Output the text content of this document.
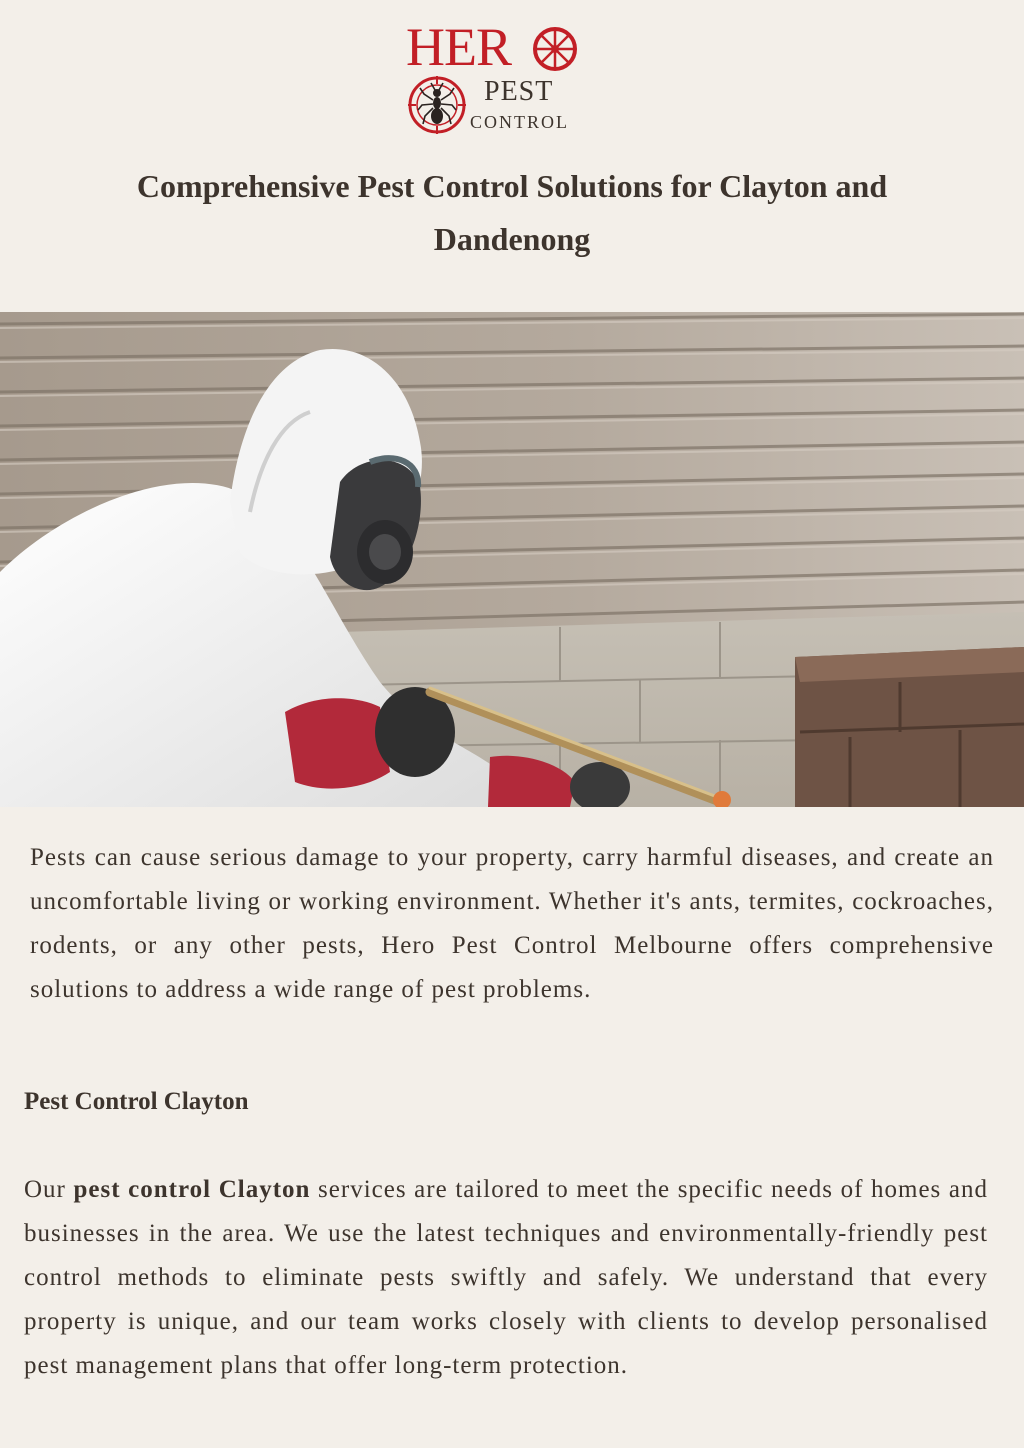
HER
PEST
CONTROL
Comprehensive Pest Control Solutions for Clayton and Dandenong

Pests can cause serious damage to your property, carry harmful diseases, and create an uncomfortable living or working environment. Whether it's ants, termites, cockroaches, rodents, or any other pests, Hero Pest Control Melbourne offers comprehensive solutions to address a wide range of pest problems.

Pest Control Clayton

Our pest control Clayton services are tailored to meet the specific needs of homes and businesses in the area. We use the latest techniques and environmentally-friendly pest control methods to eliminate pests swiftly and safely. We understand that every property is unique, and our team works closely with clients to develop personalised pest management plans that offer long-term protection.
